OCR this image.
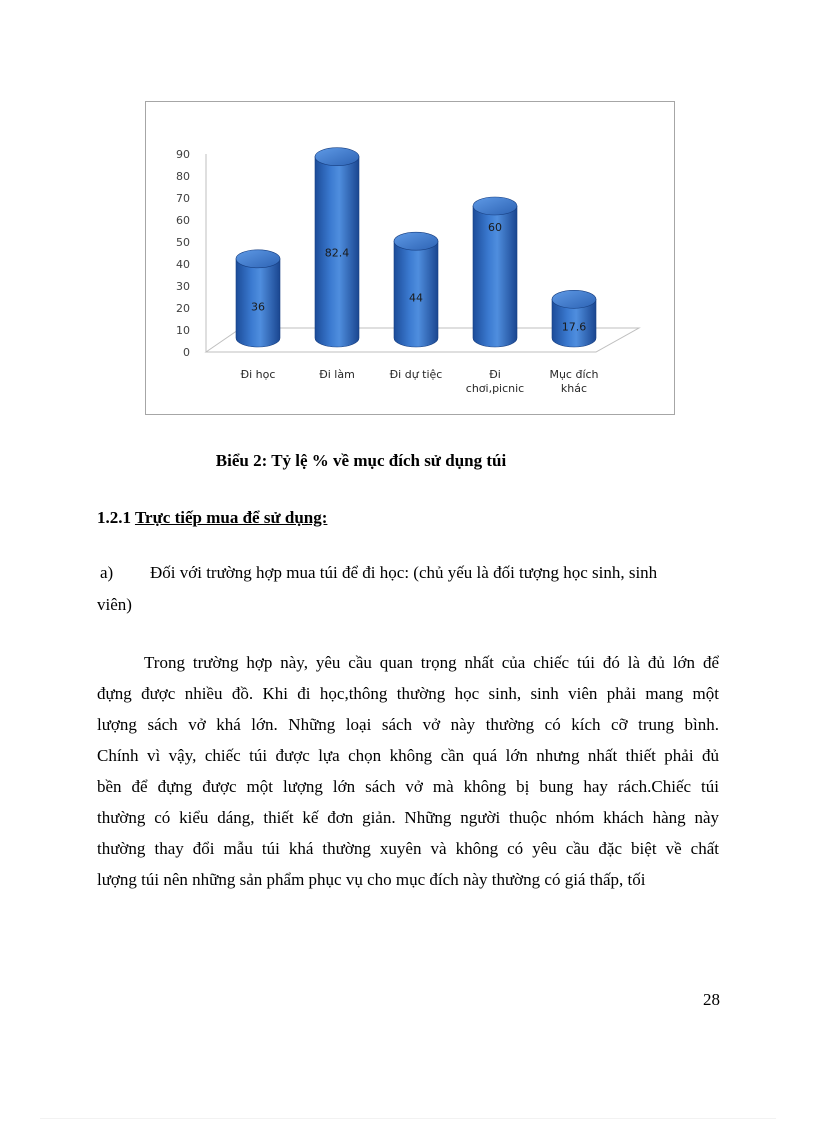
0
10
20
30
40
50
60
70
80
90
36
Đi học
82.4
Đi làm
44
Đi dự tiệc
60
Đi
chơi,picnic
17.6
Mục đích
khác
Biểu 2: Tỷ lệ % về mục đích sử dụng túi
1.2.1 Trực tiếp mua để sử dụng:
a) Đối với trường hợp mua túi để đi học: (chủ yếu là đối tượng học sinh, sinh
viên)
Trong trường hợp này, yêu cầu quan trọng nhất của chiếc túi đó là đủ lớn để
đựng được nhiều đồ. Khi đi học,thông thường học sinh, sinh viên phải mang một
lượng sách vở khá lớn. Những loại sách vở này thường có kích cỡ trung bình.
Chính vì vậy, chiếc túi được lựa chọn không cần quá lớn nhưng nhất thiết phải đủ
bền để đựng được một lượng lớn sách vở mà không bị bung hay rách.Chiếc túi
thường có kiểu dáng, thiết kế đơn giản. Những người thuộc nhóm khách hàng này
thường thay đổi mẫu túi khá thường xuyên và không có yêu cầu đặc biệt về chất
lượng túi nên những sản phẩm phục vụ cho mục đích này thường có giá thấp, tối
28
